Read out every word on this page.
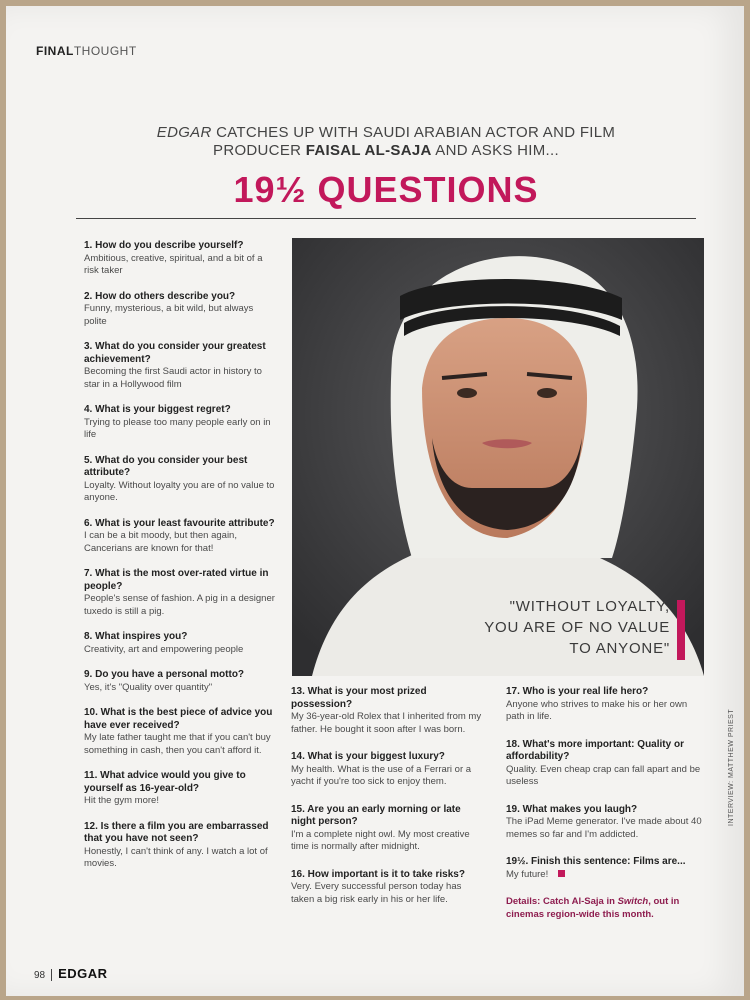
FINALTHOUGHT
EDGAR CATCHES UP WITH SAUDI ARABIAN ACTOR AND FILM PRODUCER FAISAL AL-SAJA AND ASKS HIM...
19½ QUESTIONS
1. How do you describe yourself?
Ambitious, creative, spiritual, and a bit of a risk taker
2. How do others describe you?
Funny, mysterious, a bit wild, but always polite
3. What do you consider your greatest achievement?
Becoming the first Saudi actor in history to star in a Hollywood film
4. What is your biggest regret?
Trying to please too many people early on in life
5. What do you consider your best attribute?
Loyalty. Without loyalty you are of no value to anyone.
6. What is your least favourite attribute?
I can be a bit moody, but then again, Cancerians are known for that!
7. What is the most over-rated virtue in people?
People's sense of fashion. A pig in a designer tuxedo is still a pig.
8. What inspires you?
Creativity, art and empowering people
9. Do you have a personal motto?
Yes, it's "Quality over quantity"
10. What is the best piece of advice you have ever received?
My late father taught me that if you can't buy something in cash, then you can't afford it.
11. What advice would you give to yourself as 16-year-old?
Hit the gym more!
12. Is there a film you are embarrassed that you have not seen?
Honestly, I can't think of any. I watch a lot of movies.
"WITHOUT LOYALTY, YOU ARE OF NO VALUE TO ANYONE"
13. What is your most prized possession?
My 36-year-old Rolex that I inherited from my father. He bought it soon after I was born.
14. What is your biggest luxury?
My health. What is the use of a Ferrari or a yacht if you're too sick to enjoy them.
15. Are you an early morning or late night person?
I'm a complete night owl. My most creative time is normally after midnight.
16. How important is it to take risks?
Very. Every successful person today has taken a big risk early in his or her life.
17. Who is your real life hero?
Anyone who strives to make his or her own path in life.
18. What's more important: Quality or affordability?
Quality. Even cheap crap can fall apart and be useless
19. What makes you laugh?
The iPad Meme generator. I've made about 40 memes so far and I'm addicted.
19½. Finish this sentence: Films are...
My future!
Details: Catch Al-Saja in Switch, out in cinemas region-wide this month.
INTERVIEW: MATTHEW PRIEST
98 EDGAR
